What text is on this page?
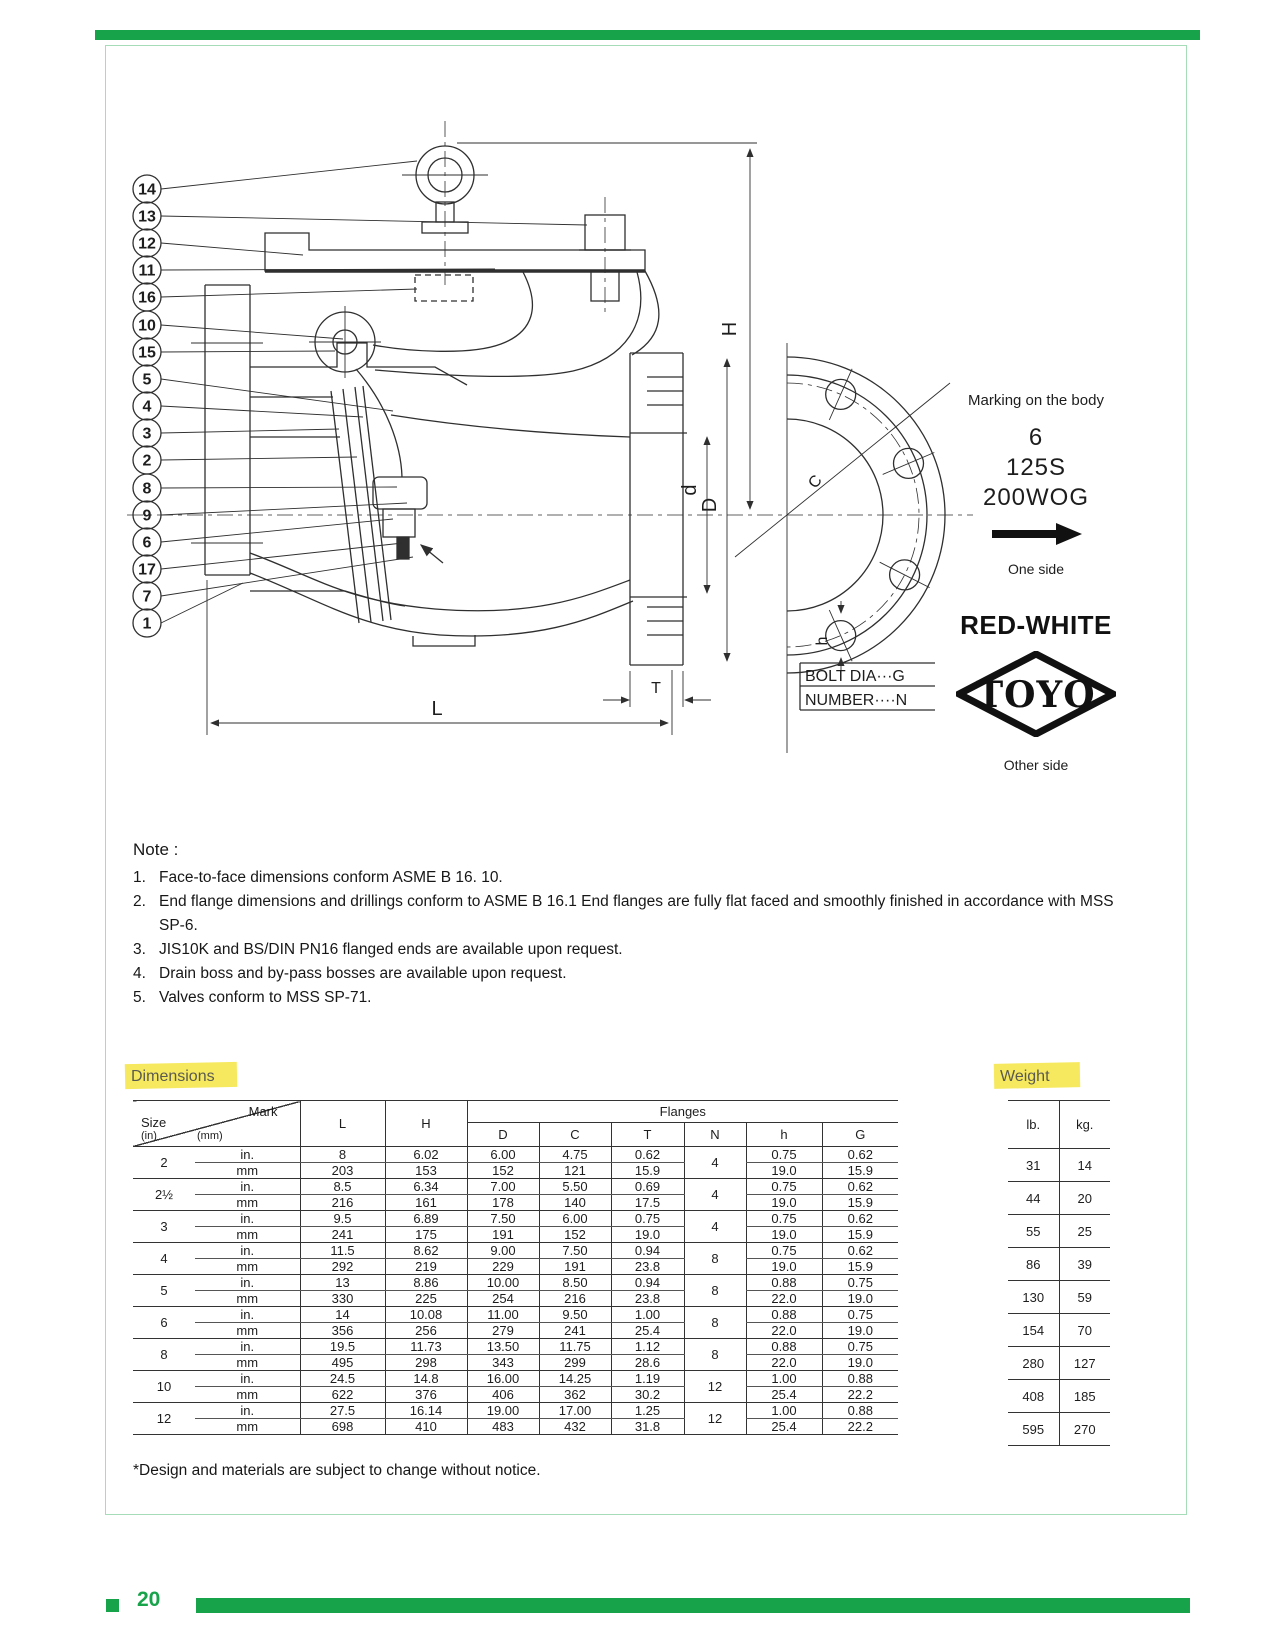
H
D
d
L
T
C
h
BOLT DIA···G
NUMBER····N
14
13
12
11
16
10
15
5
4
3
2
8
9
6
17
7
1
Marking on the body
6
125S
200WOG
One side
RED-WHITE
TOYO
Other side
Note :
1. Face-to-face dimensions conform ASME B 16. 10.
2. End flange dimensions and drillings conform to ASME B 16.1 End flanges are fully flat faced and smoothly finished in accordance with MSS SP-6.
3. JIS10K and BS/DIN PN16 flanged ends are available upon request.
4. Drain boss and by-pass bosses are available upon request.
5. Valves conform to MSS SP-71.
Dimensions
Size
(in)
Mark
(mm)		L	H	Flanges					
				D	C	T	N	h	G
2	in.	8	6.02	6.00	4.75	0.62	4	0.75	0.62
	mm	203	153	152	121	15.9		19.0	15.9
2½	in.	8.5	6.34	7.00	5.50	0.69	4	0.75	0.62
	mm	216	161	178	140	17.5		19.0	15.9
3	in.	9.5	6.89	7.50	6.00	0.75	4	0.75	0.62
	mm	241	175	191	152	19.0		19.0	15.9
4	in.	11.5	8.62	9.00	7.50	0.94	8	0.75	0.62
	mm	292	219	229	191	23.8		19.0	15.9
5	in.	13	8.86	10.00	8.50	0.94	8	0.88	0.75
	mm	330	225	254	216	23.8		22.0	19.0
6	in.	14	10.08	11.00	9.50	1.00	8	0.88	0.75
	mm	356	256	279	241	25.4		22.0	19.0
8	in.	19.5	11.73	13.50	11.75	1.12	8	0.88	0.75
	mm	495	298	343	299	28.6		22.0	19.0
10	in.	24.5	14.8	16.00	14.25	1.19	12	1.00	0.88
	mm	622	376	406	362	30.2		25.4	22.2
12	in.	27.5	16.14	19.00	17.00	1.25	12	1.00	0.88
	mm	698	410	483	432	31.8		25.4	22.2
Weight
lb.	kg.
31	14
44	20
55	25
86	39
130	59
154	70
280	127
408	185
595	270
*Design and materials are subject to change without notice.
20
